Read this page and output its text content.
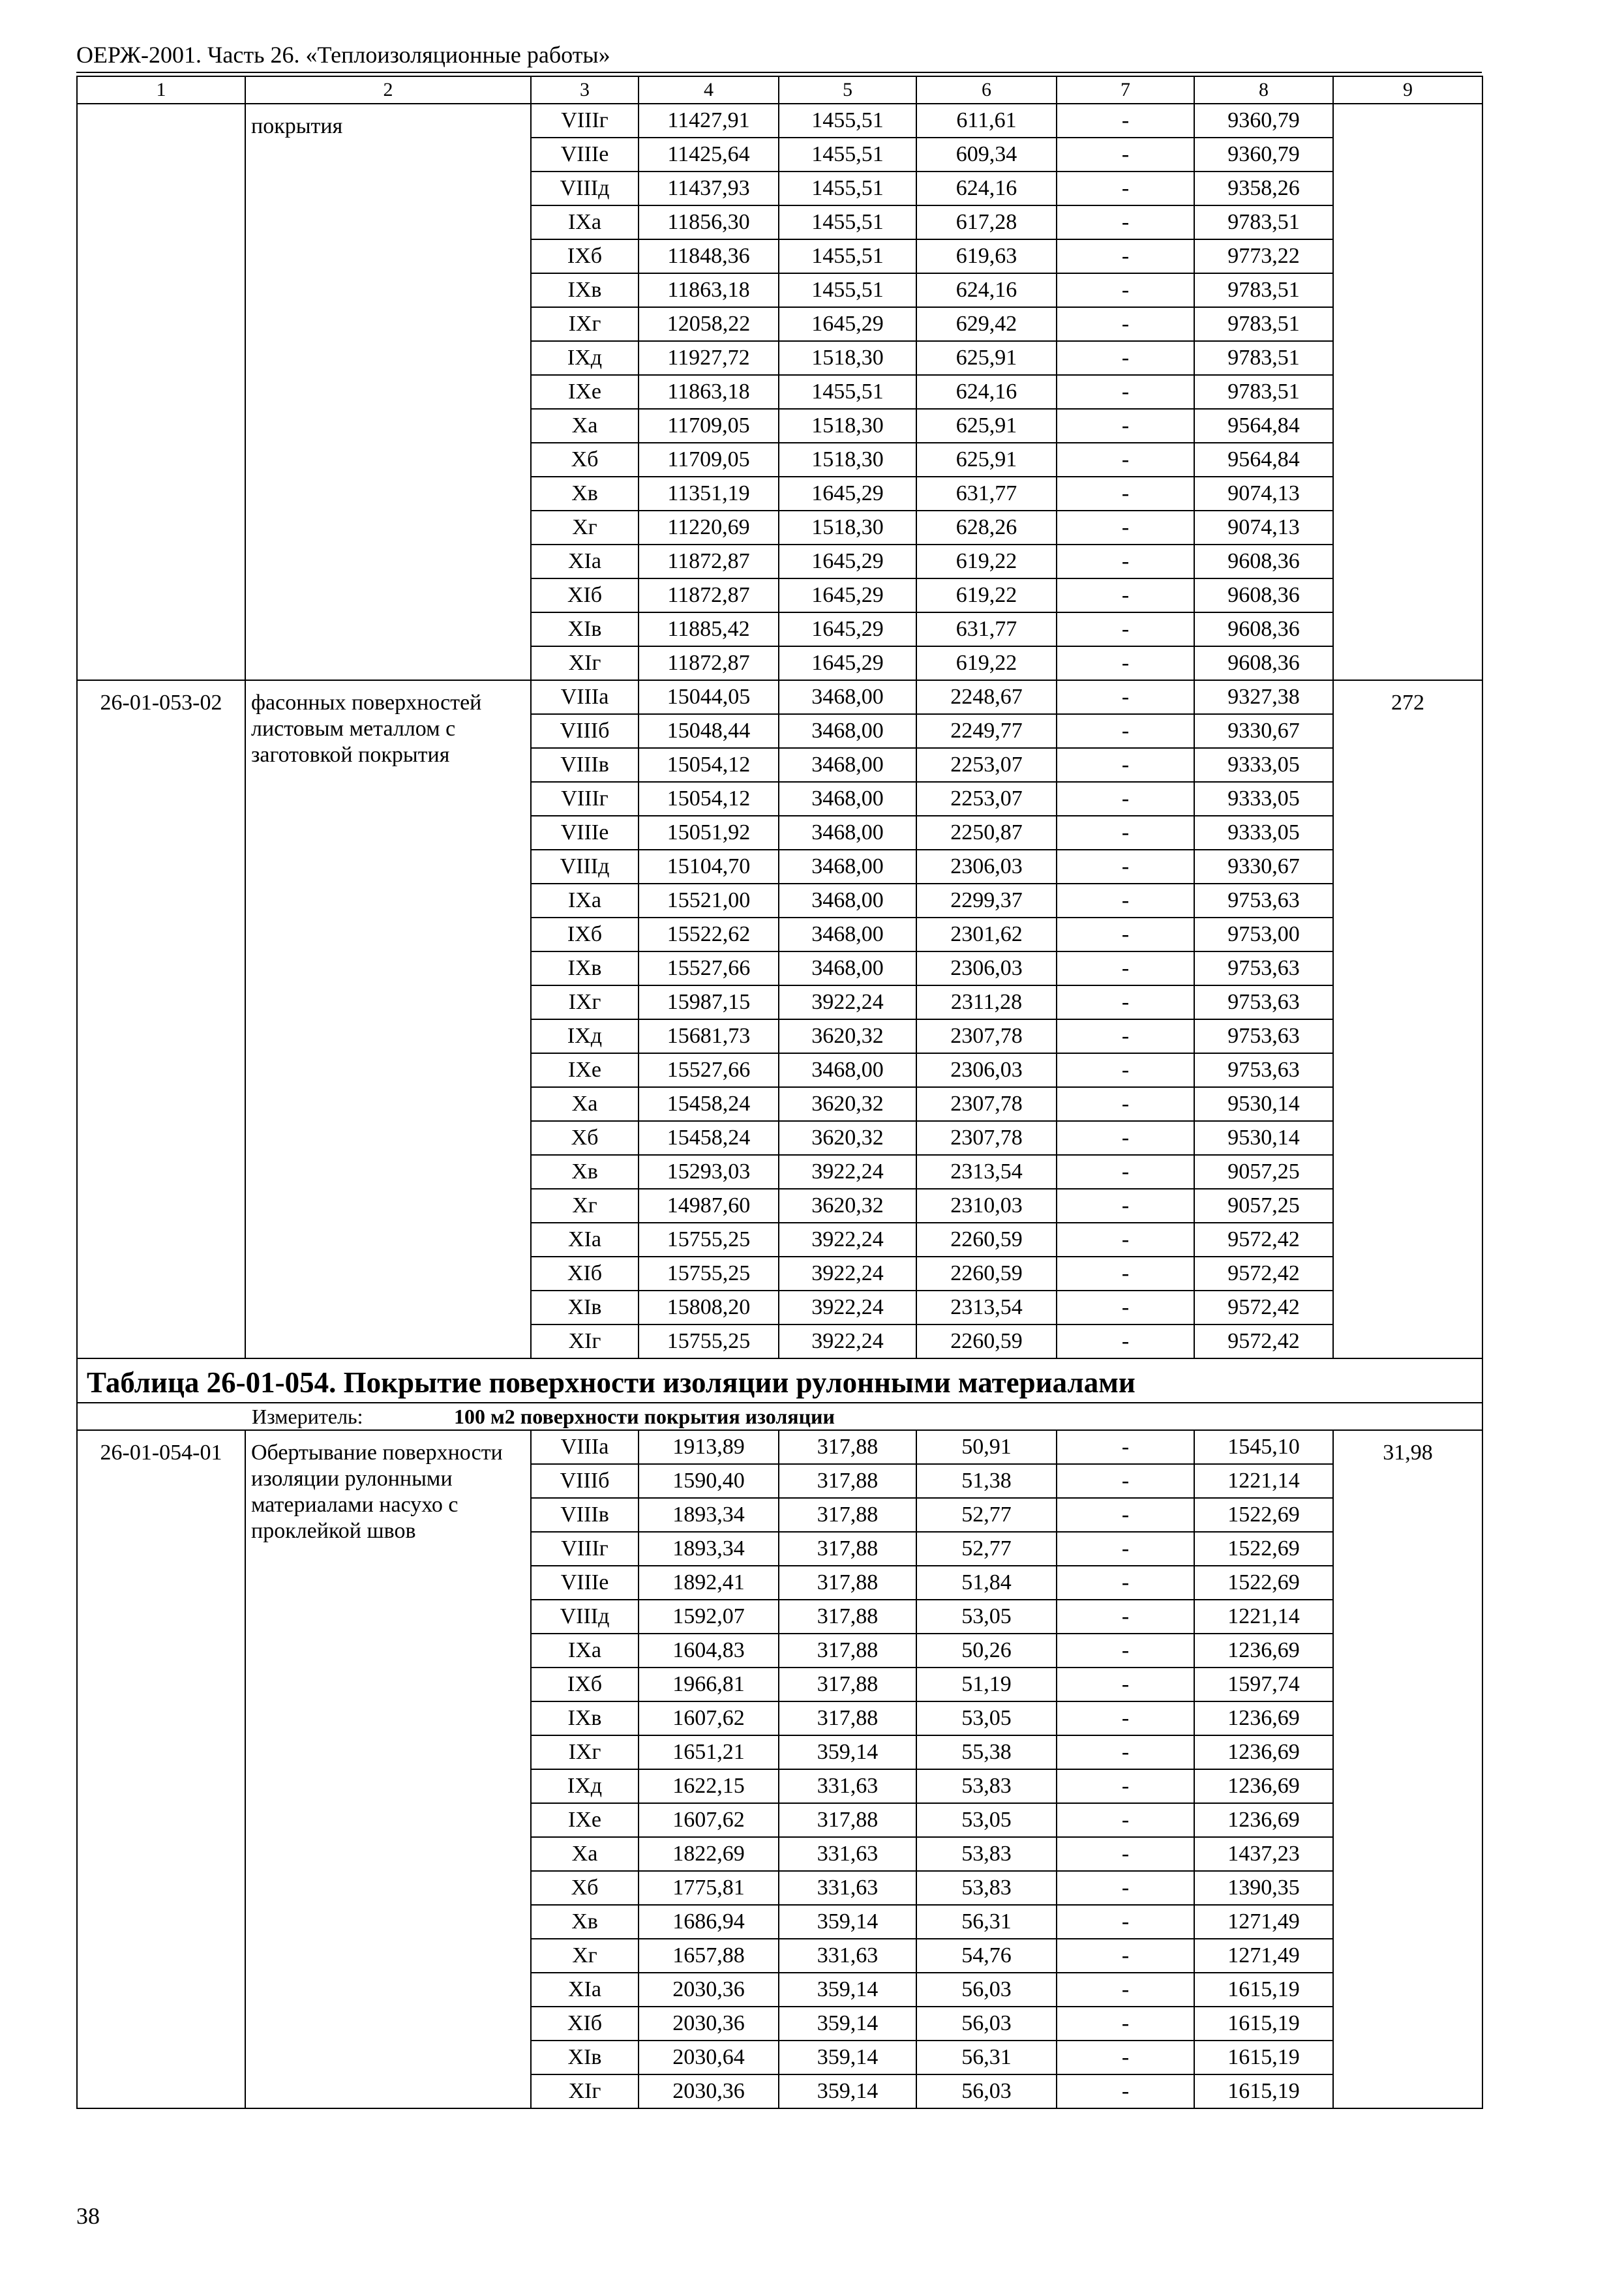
ОЕРЖ-2001. Часть 26. «Теплоизоляционные работы»
1	2	3	4	5	6	7	8	9
	покрытия	VIIIг	11427,91	1455,51	611,61	-	9360,79	
		VIIIе	11425,64	1455,51	609,34	-	9360,79	
		VIIIд	11437,93	1455,51	624,16	-	9358,26	
		IXа	11856,30	1455,51	617,28	-	9783,51	
		IXб	11848,36	1455,51	619,63	-	9773,22	
		IXв	11863,18	1455,51	624,16	-	9783,51	
		IXг	12058,22	1645,29	629,42	-	9783,51	
		IXд	11927,72	1518,30	625,91	-	9783,51	
		IXе	11863,18	1455,51	624,16	-	9783,51	
		Xа	11709,05	1518,30	625,91	-	9564,84	
		Xб	11709,05	1518,30	625,91	-	9564,84	
		Xв	11351,19	1645,29	631,77	-	9074,13	
		Xг	11220,69	1518,30	628,26	-	9074,13	
		XIа	11872,87	1645,29	619,22	-	9608,36	
		XIб	11872,87	1645,29	619,22	-	9608,36	
		XIв	11885,42	1645,29	631,77	-	9608,36	
		XIг	11872,87	1645,29	619,22	-	9608,36	
26-01-053-02	фасонных поверхностей листовым металлом с заготовкой покрытия	VIIIа	15044,05	3468,00	2248,67	-	9327,38	272
		VIIIб	15048,44	3468,00	2249,77	-	9330,67	
		VIIIв	15054,12	3468,00	2253,07	-	9333,05	
		VIIIг	15054,12	3468,00	2253,07	-	9333,05	
		VIIIе	15051,92	3468,00	2250,87	-	9333,05	
		VIIIд	15104,70	3468,00	2306,03	-	9330,67	
		IXа	15521,00	3468,00	2299,37	-	9753,63	
		IXб	15522,62	3468,00	2301,62	-	9753,00	
		IXв	15527,66	3468,00	2306,03	-	9753,63	
		IXг	15987,15	3922,24	2311,28	-	9753,63	
		IXд	15681,73	3620,32	2307,78	-	9753,63	
		IXе	15527,66	3468,00	2306,03	-	9753,63	
		Xа	15458,24	3620,32	2307,78	-	9530,14	
		Xб	15458,24	3620,32	2307,78	-	9530,14	
		Xв	15293,03	3922,24	2313,54	-	9057,25	
		Xг	14987,60	3620,32	2310,03	-	9057,25	
		XIа	15755,25	3922,24	2260,59	-	9572,42	
		XIб	15755,25	3922,24	2260,59	-	9572,42	
		XIв	15808,20	3922,24	2313,54	-	9572,42	
		XIг	15755,25	3922,24	2260,59	-	9572,42	
Таблица 26-01-054. Покрытие поверхности изоляции рулонными материалами								
Измеритель: 100 м2 поверхности покрытия изоляции								
26-01-054-01	Обертывание поверхности изоляции рулонными материалами насухо с проклейкой швов	VIIIа	1913,89	317,88	50,91	-	1545,10	31,98
		VIIIб	1590,40	317,88	51,38	-	1221,14	
		VIIIв	1893,34	317,88	52,77	-	1522,69	
		VIIIг	1893,34	317,88	52,77	-	1522,69	
		VIIIе	1892,41	317,88	51,84	-	1522,69	
		VIIIд	1592,07	317,88	53,05	-	1221,14	
		IXа	1604,83	317,88	50,26	-	1236,69	
		IXб	1966,81	317,88	51,19	-	1597,74	
		IXв	1607,62	317,88	53,05	-	1236,69	
		IXг	1651,21	359,14	55,38	-	1236,69	
		IXд	1622,15	331,63	53,83	-	1236,69	
		IXе	1607,62	317,88	53,05	-	1236,69	
		Xа	1822,69	331,63	53,83	-	1437,23	
		Xб	1775,81	331,63	53,83	-	1390,35	
		Xв	1686,94	359,14	56,31	-	1271,49	
		Xг	1657,88	331,63	54,76	-	1271,49	
		XIа	2030,36	359,14	56,03	-	1615,19	
		XIб	2030,36	359,14	56,03	-	1615,19	
		XIв	2030,64	359,14	56,31	-	1615,19	
		XIг	2030,36	359,14	56,03	-	1615,19	
38
